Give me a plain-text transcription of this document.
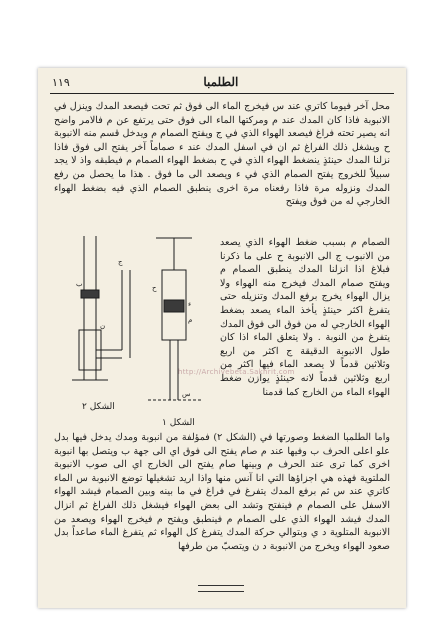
١١٩	الطلمبا

محل آخر فيوما كاتري عند س فيخرج الماء الى فوق ثم تحت فيصعد المدك وينزل في الانبوبة فاذا كان المدك عند م ومركتها الماء الى فوق حتى يرتفع عن م فالامر واضح انه يصير تحته فراغ فيصعد الهواء الذي في ج ويفتح الصمام م ويدخل قسم منه الانبوبة ح ويشغل ذلك الفراغ ثم ان في اسفل المدك عند ء صماماً آخر يفتح الى فوق فاذا نزلنا المدك حينئذٍ ينضغط الهواء الذي في ح بضغط الهواء الصمام م فيطبقه واذ لا يجد سبيلاً للخروج يفتح الصمام الذي في ء ويصعد الى ما فوق . هذا ما يحصل من رفع المدك ونزوله مرة فاذا رفعناه مرة اخرى ينطبق الصمام الذي فيه بضغط الهواء الخارجي له من فوق ويفتح

الصمام م بسبب ضغط الهواء الذي يصعد من الانبوب ج الى الانبوبة ح على ما ذكرنا فبلاغ اذا انزلنا المدك ينطبق الصمام م ويفتح صمام المدك فيخرج منه الهواء ولا يزال الهواء يخرج برفع المدك وتنزيله حتى يتفرغ اكثر حينئذٍ يأخذ الماء يصعد بضغط الهواء الخارجي له من فوق الى فوق المدك يتفرغ من النوبة . ولا يتعلق الماء اذا كان طول الانبوبة الدقيقة ج اكثر من اربع وثلاثين قدماً لا يصعد الماء فيها اكثر من اربع وثلاثين قدماً لانه حينئذٍ يوازن ضغط الهواء الماء من الخارج كما قدمنا

ج
ن
ح
م
ب
س
ء
الشكل ٢
الشكل ١
http://Archivebeta.Sakhrit.com

واما الطلمبا الضغط وصورتها في (الشكل ٢) فمؤلفة من انبوبة ومدك يدخل فيها بدل علو اعلى الحرف ب وفيها عند م صام يفتح الى فوق اي الى جهة ب ويتصل بها انبوبة اخرى كما ترى عند الحرف م وبينها صام يفتح الى الخارج اي الى صوب الانبوبة الملتوية فهذه هي اجزاؤها التي انا آنس منها واذا اريد تشغيلها توضع الانبوبة س الماء كاتري عند س ثم برفع المدك يتفرغ في فراغ في ما بينه وبين الصمام فيشد الهواء الاسفل على الصمام م فينفتح وتشد الى بعض الهواء فيشغل ذلك الفراغ ثم انزال المدك فيشد الهواء الذي على الصمام م فينطبق ويفتح م فيخرج الهواء ويصعد من الانبوبة المتلوية د ي وبتوالي حركة المدك يتفرغ كل الهواء ثم يتفرغ الماء صاعداً بدل صعود الهواء ويخرج من الانبوبة د ن ويتصبّ من طرفها
